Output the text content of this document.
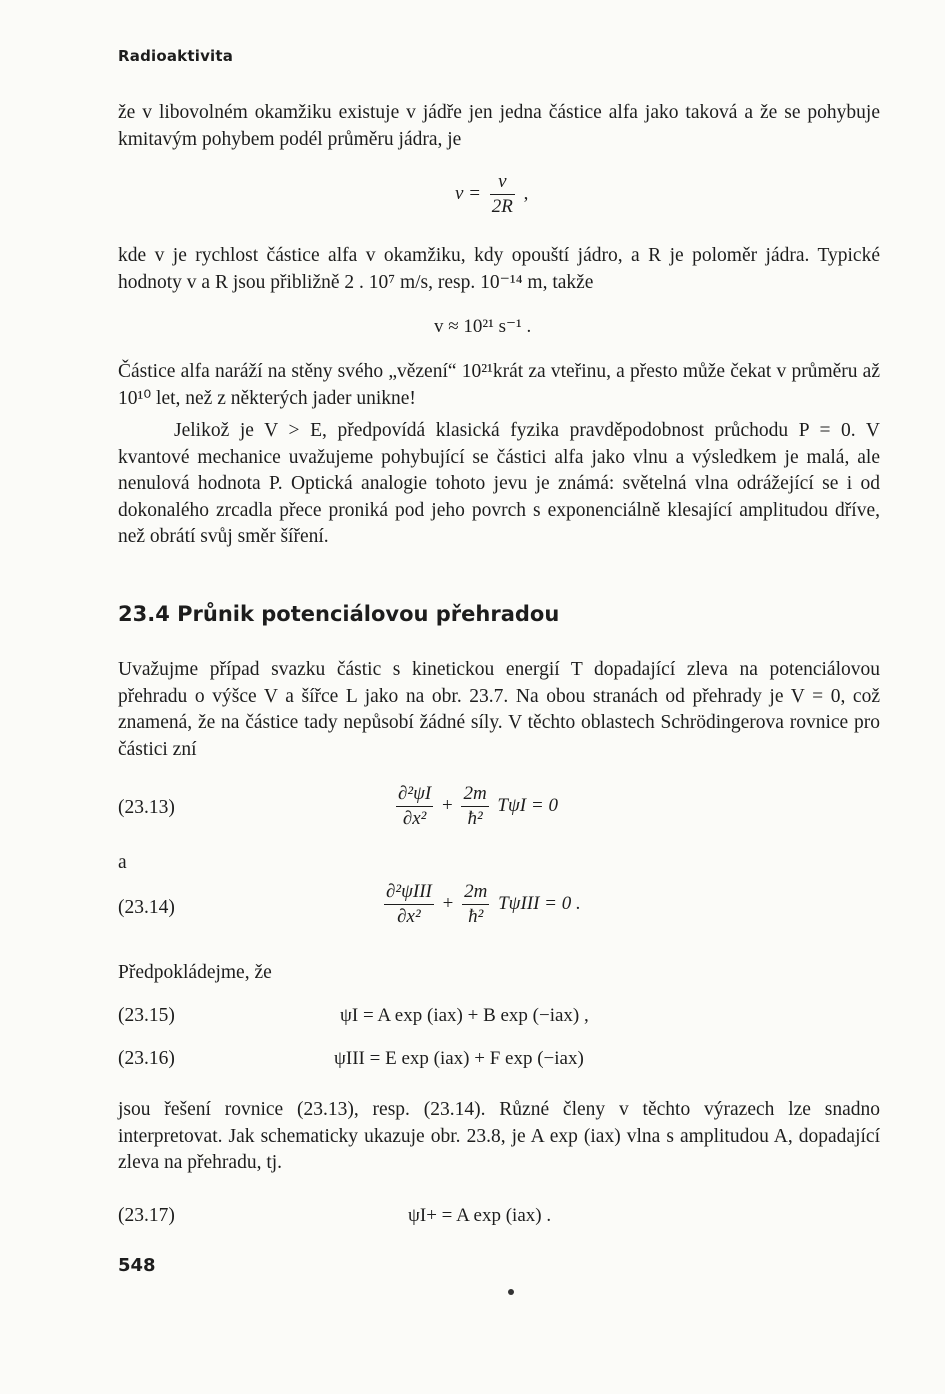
Radioaktivita
že v libovolném okamžiku existuje v jádře jen jedna částice alfa jako taková a že se pohybuje kmitavým pohybem podél průměru jádra, je
$v = \frac{v}{2R}$ ,
kde v je rychlost částice alfa v okamžiku, kdy opouští jádro, a R je poloměr jádra. Typické hodnoty v a R jsou přibližně 2 . 10⁷ m/s, resp. 10⁻¹⁴ m, takže
v ≈ 10²¹ s⁻¹ .
Částice alfa naráží na stěny svého „vězení“ 10²¹krát za vteřinu, a přesto může čekat v průměru až 10¹⁰ let, než z některých jader unikne!
Jelikož je V > E, předpovídá klasická fyzika pravděpodobnost průchodu P = 0. V kvantové mechanice uvažujeme pohybující se částici alfa jako vlnu a výsledkem je malá, ale nenulová hodnota P. Optická analogie tohoto jevu je známá: světelná vlna odrážející se i od dokonalého zrcadla přece proniká pod jeho povrch s exponenciálně klesající amplitudou dříve, než obrátí svůj směr šíření.
23.4 Průnik potenciálovou přehradou
Uvažujme případ svazku částic s kinetickou energií T dopadající zleva na potenciálovou přehradu o výšce V a šířce L jako na obr. 23.7. Na obou stranách od přehrady je V = 0, což znamená, že na částice tady nepůsobí žádné síly. V těchto oblastech Schrödingerova rovnice pro částici zní
(23.13)	$\frac{\text{∂²ψI}}{\text{∂x²}} + \frac{2m}{\text{ħ²}}$ TψI = 0
a
(23.14)	$\frac{\text{∂²ψIII}}{\text{∂x²}} + \frac{2m}{\text{ħ²}}$ TψIII = 0 .
Předpokládejme, že
(23.15)	ψI = A exp (iax) + B exp (−iax) ,
(23.16)	ψIII = E exp (iax) + F exp (−iax)
jsou řešení rovnice (23.13), resp. (23.14). Různé členy v těchto výrazech lze snadno interpretovat. Jak schematicky ukazuje obr. 23.8, je A exp (iax) vlna s amplitudou A, dopadající zleva na přehradu, tj.
(23.17)	ψI+ = A exp (iax) .
548
